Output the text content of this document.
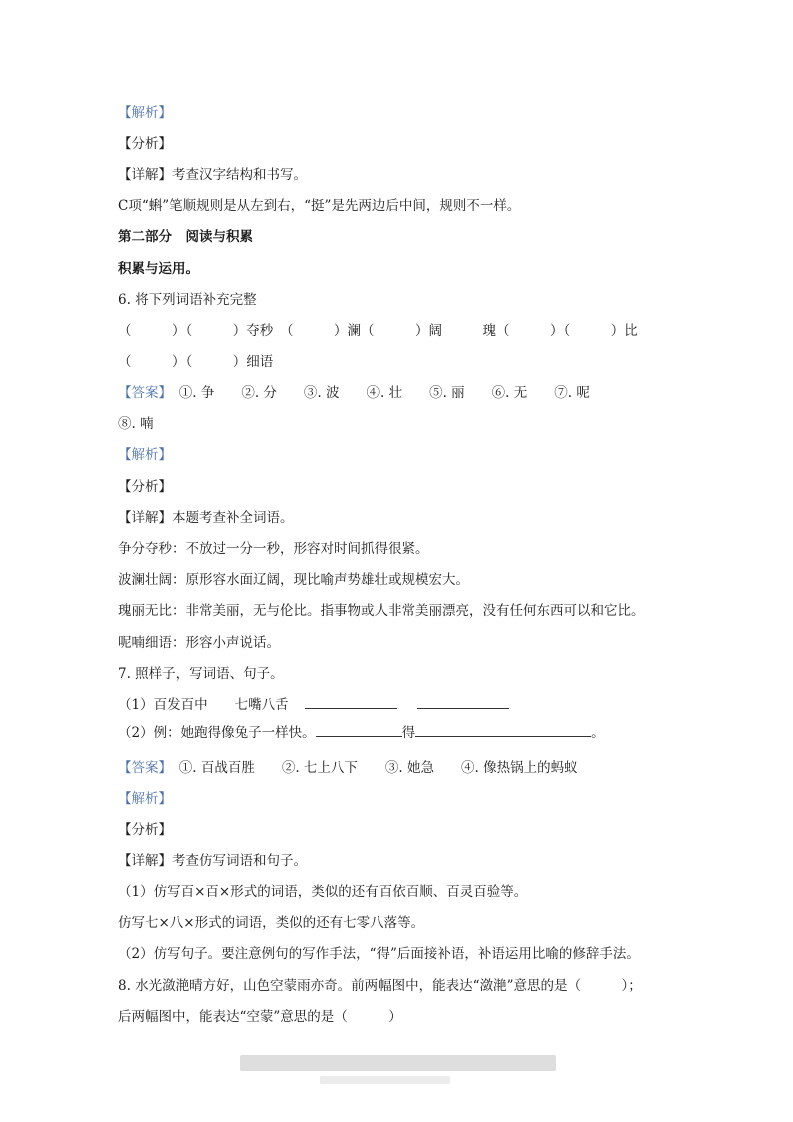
【解析】
【分析】
【详解】考查汉字结构和书写。
C项“蝌”笔顺规则是从左到右，“挺”是先两边后中间，规则不一样。
第二部分　阅读与积累
积累与运用。
6. 将下列词语补充完整
（　　　）（　　　）夺秒　（　　　）澜（　　　）阔　　　瑰（　　　）（　　　）比
（　　　）（　　　）细语
【答案】　①. 争　　②. 分　　③. 波　　④. 壮　　⑤. 丽　　⑥. 无　　⑦. 呢
⑧. 喃
【解析】
【分析】
【详解】本题考查补全词语。
争分夺秒：不放过一分一秒，形容对时间抓得很紧。
波澜壮阔：原形容水面辽阔，现比喻声势雄壮或规模宏大。
瑰丽无比：非常美丽，无与伦比。指事物或人非常美丽漂亮，没有任何东西可以和它比。
呢喃细语：形容小声说话。
7. 照样子，写词语、句子。
（1）百发百中　　七嘴八舌
（2）例：她跑得像兔子一样快。	得	。
【答案】　①. 百战百胜　　②. 七上八下　　③. 她急　　④. 像热锅上的蚂蚁
【解析】
【分析】
【详解】考查仿写词语和句子。
（1）仿写百×百×形式的词语，类似的还有百依百顺、百灵百验等。
仿写七×八×形式的词语，类似的还有七零八落等。
（2）仿写句子。要注意例句的写作手法，“得”后面接补语，补语运用比喻的修辞手法。
8. 水光潋滟晴方好，山色空蒙雨亦奇。前两幅图中，能表达“潋滟”意思的是（　　　）；
后两幅图中，能表达“空蒙”意思的是（　　　）
